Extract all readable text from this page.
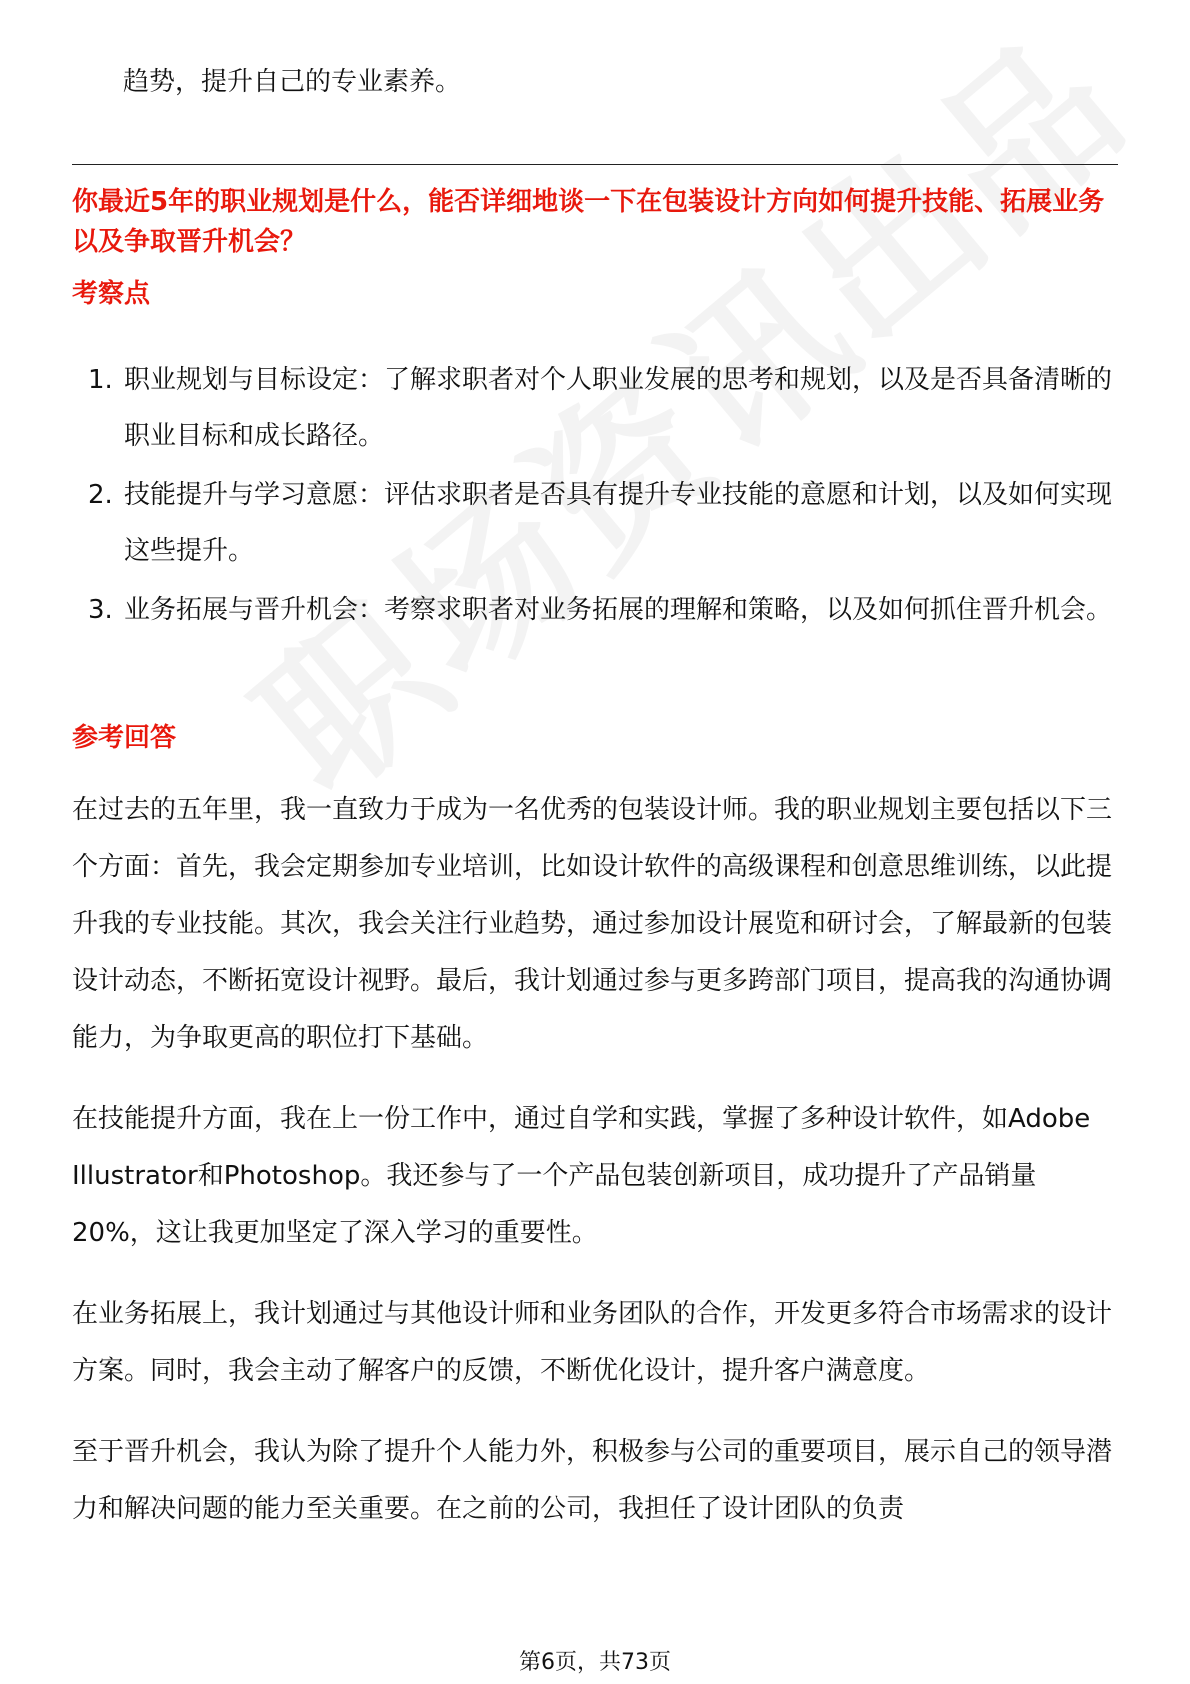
趋势，提升自己的专业素养。
你最近5年的职业规划是什么，能否详细地谈一下在包装设计方向如何提升技能、拓展业务以及争取晋升机会？
考察点
1. 职业规划与目标设定：了解求职者对个人职业发展的思考和规划，以及是否具备清晰的职业目标和成长路径。
2. 技能提升与学习意愿：评估求职者是否具有提升专业技能的意愿和计划，以及如何实现这些提升。
3. 业务拓展与晋升机会：考察求职者对业务拓展的理解和策略，以及如何抓住晋升机会。
参考回答

在过去的五年里，我一直致力于成为一名优秀的包装设计师。我的职业规划主要包括以下三个方面：首先，我会定期参加专业培训，比如设计软件的高级课程和创意思维训练，以此提升我的专业技能。其次，我会关注行业趋势，通过参加设计展览和研讨会，了解最新的包装设计动态，不断拓宽设计视野。最后，我计划通过参与更多跨部门项目，提高我的沟通协调能力，为争取更高的职位打下基础。

在技能提升方面，我在上一份工作中，通过自学和实践，掌握了多种设计软件，如Adobe Illustrator和Photoshop。我还参与了一个产品包装创新项目，成功提升了产品销量20%，这让我更加坚定了深入学习的重要性。

在业务拓展上，我计划通过与其他设计师和业务团队的合作，开发更多符合市场需求的设计方案。同时，我会主动了解客户的反馈，不断优化设计，提升客户满意度。

至于晋升机会，我认为除了提升个人能力外，积极参与公司的重要项目，展示自己的领导潜力和解决问题的能力至关重要。在之前的公司，我担任了设计团队的负责

第6页，共73页
